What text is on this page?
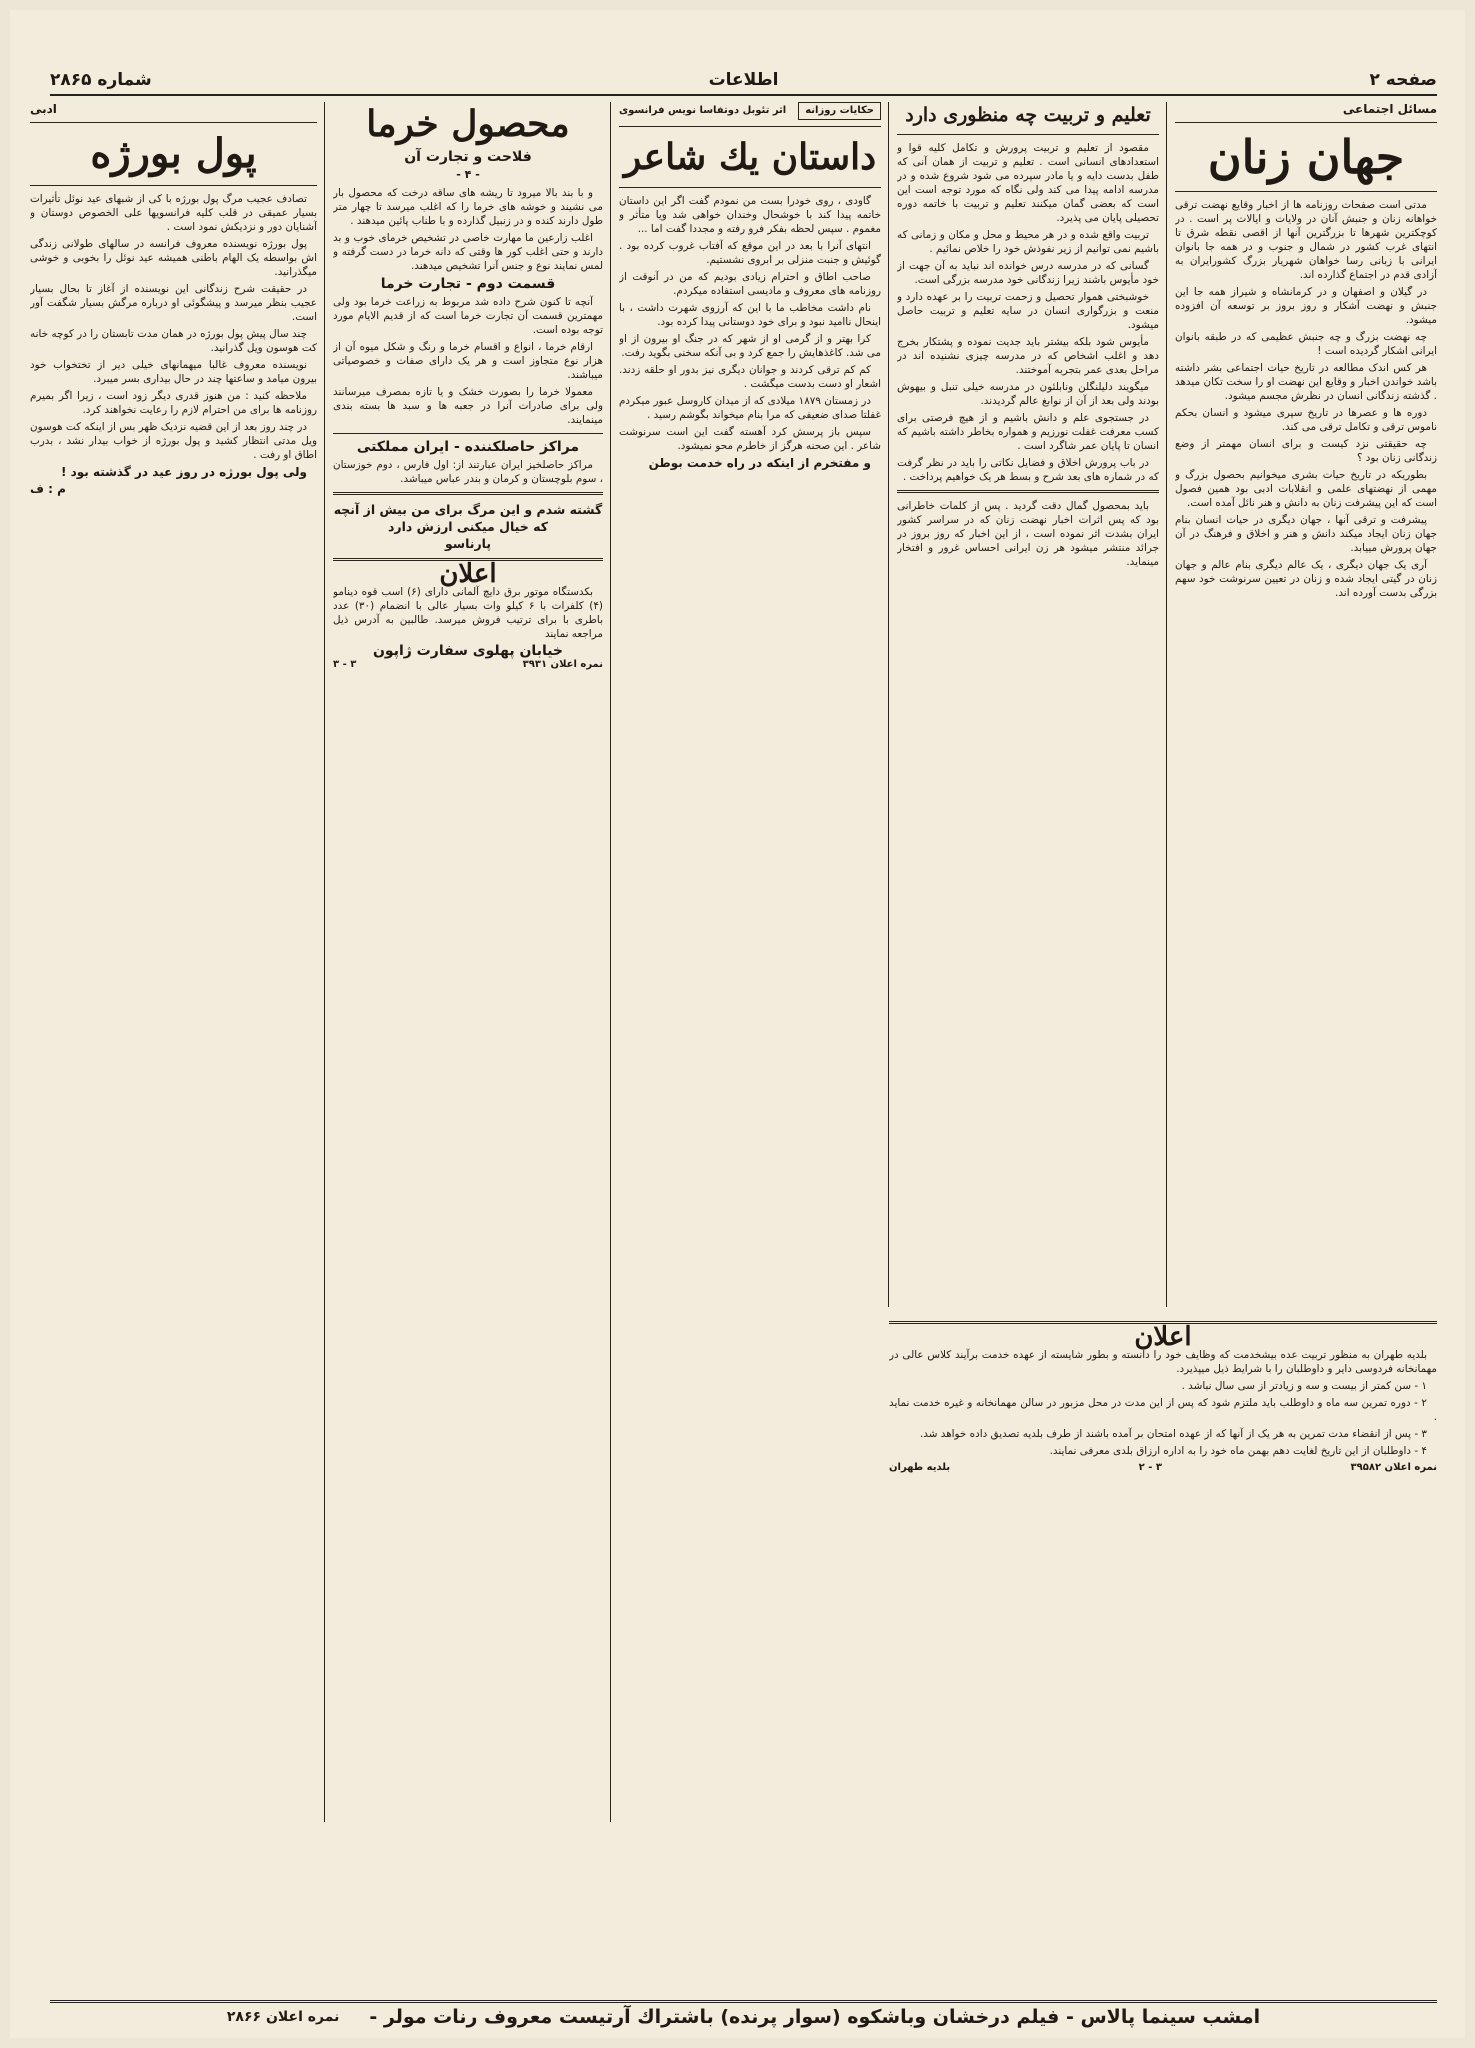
صفحه ۲
اطلاعات
شماره ۲۸۶۵
مسائل اجتماعی
جهان زنان

مدتی است صفحات روزنامه ها از اخبار وقایع نهضت ترقی خواهانه زنان و جنبش آنان در ولایات و ایالات پر است . در کوچکترین شهرها تا بزرگترین آنها از اقصی نقطه شرق تا انتهای غرب کشور در شمال و جنوب و در همه جا بانوان ایرانی با زبانی رسا خواهان شهریار بزرگ کشورایران به آزادی قدم در اجتماع گذارده اند.

در گیلان و اصفهان و در کرمانشاه و شیراز همه جا این جنبش و نهضت آشکار و روز بروز بر توسعه آن افزوده میشود.

چه نهضت بزرگ و چه جنبش عظیمی که در طبقه بانوان ایرانی اشکار گردیده است !

هر کس اندک مطالعه در تاریخ حیات اجتماعی بشر داشته باشد خواندن اخبار و وقایع این نهضت او را سخت تکان میدهد . گذشته زندگانی انسان در نظرش مجسم میشود.

دوره ها و عصرها در تاریخ سپری میشود و انسان بحکم ناموس ترقی و تکامل ترقی می کند.

چه حقیقتی نزد کیست و برای انسان مهمتر از وضع زندگانی زنان بود ؟

بطوریکه در تاریخ حیات بشری میخوانیم بحصول بزرگ و مهمی از نهضتهای علمی و انقلابات ادبی بود همین فصول است که این پیشرفت زنان به دانش و هنر نائل آمده است.

پیشرفت و ترقی آنها ، جهان دیگری در حیات انسان بنام جهان زنان ایجاد میکند دانش و هنر و اخلاق و فرهنگ در آن جهان پرورش مییابد.

آری یک جهان دیگری ، یک عالم دیگری بنام عالم و جهان زنان در گیتی ایجاد شده و زنان در تعیین سرنوشت خود سهم بزرگی بدست آورده اند.

تعلیم و تربیت چه منظوری دارد

مقصود از تعلیم و تربیت پرورش و تکامل کلیه قوا و استعدادهای انسانی است . تعلیم و تربیت از همان آنی که طفل بدست دایه و یا مادر سپرده می شود شروع شده و در مدرسه ادامه پیدا می کند ولی نگاه که مورد توجه است این است که بعضی گمان میکنند تعلیم و تربیت با خاتمه دوره تحصیلی پایان می پذیرد.

تربیت واقع شده و در هر محیط و محل و مکان و زمانی که باشیم نمی توانیم از زیر نفوذش خود را خلاص نمائیم .

گسانی که در مدرسه درس خوانده اند نباید به آن جهت از خود مأیوس باشند زیرا زندگانی خود مدرسه بزرگی است.

خوشبختی هموار تحصیل و زحمت تربیت را بر عهده دارد و منعت و بزرگواری انسان در سایه تعلیم و تربیت حاصل میشود.

مأیوس شود بلکه بیشتر باید جدیت نموده و پشتکار بخرج دهد و اغلب اشخاص که در مدرسه چیزی نشنیده اند در مراحل بعدی عمر بتجربه آموختند.

میگویند دلیلنگلن ونابلئون در مدرسه خیلی تنبل و بیهوش بودند ولی بعد از آن از نوابغ عالم گردیدند.

در جستجوی علم و دانش باشیم و از هیچ فرصتی برای کسب معرفت غفلت نورزیم و همواره بخاطر داشته باشیم که انسان تا پایان عمر شاگرد است .

در باب پرورش اخلاق و فضایل نکاتی را باید در نظر گرفت که در شماره های بعد شرح و بسط هر یک خواهیم پرداخت .

باید بمحصول گمال دقت گردید . پس از کلمات خاطرانی بود که پس اثرات اخبار نهضت زنان که در سراسر کشور ایران بشدت اثر نموده است ، از این اخبار که روز بروز در جرائد منتشر میشود هر زن ایرانی احساس غرور و افتخار مینماید.

حکایات روزانه
اثر تئوبل دوتفاسا نویس فرانسوی
داستان یك شاعر

گاودی ، روی خودرا بست من نمودم گفت اگر این داستان خاتمه پیدا کند با خوشحال وخندان خواهی شد ویا متأثر و مغموم . سپس لحظه بفکر فرو رفته و مجددا گفت اما ...

انتهای آنرا با بعد در این موقع که آفتاب غروب کرده بود . گوئیش و جنبت منزلی بر ابروی نشستیم.

صاحب اطاق و احترام زیادی بودیم که من در آنوقت از روزنامه های معروف و مادیسی استفاده میکردم.

نام داشت مخاطب ما با این که آرزوی شهرت داشت ، با اینحال ناامید نبود و برای خود دوستانی پیدا کرده بود.

کرا بهتر و از گرمی او از شهر که در جنگ او بیرون از او می شد. کاغذهایش را جمع کرد و بی آنکه سخنی بگوید رفت.

کم کم ترقی کردند و جوانان دیگری نیز بدور او حلقه زدند. اشعار او دست بدست میگشت .

در زمستان ۱۸۷۹ میلادی که از میدان کاروسل عبور میکردم غفلتا صدای ضعیفی که مرا بنام میخواند بگوشم رسید .

سپس باز پرسش کرد آهسته گفت این است سرنوشت شاعر . این صحنه هرگز از خاطرم محو نمیشود.

و مفتخرم از اینکه در راه خدمت بوطن

محصول خرما
فلاحت و تجارت آن
- ۴ -

و با بند بالا میرود تا ریشه های ساقه درخت که محصول بار می نشیند و خوشه های خرما را که اغلب میرسد تا چهار متر طول دارند کنده و در زنبیل گذارده و با طناب پائین میدهند .

اغلب زارعین ما مهارت خاصی در تشخیص خرمای خوب و بد دارند و حتی اغلب کور ها وقتی که دانه خرما در دست گرفته و لمس نمایند نوع و جنس آنرا تشخیص میدهند.

قسمت دوم - تجارت خرما

آنچه تا کنون شرح داده شد مربوط به زراعت خرما بود ولی مهمترین قسمت آن تجارت خرما است که از قدیم الایام مورد توجه بوده است.

ارقام خرما ، انواع و اقسام خرما و رنگ و شکل میوه آن از هزار نوع متجاوز است و هر یک دارای صفات و خصوصیاتی میباشند.

معمولا خرما را بصورت خشک و یا تازه بمصرف میرسانند ولی برای صادرات آنرا در جعبه ها و سبد ها بسته بندی مینمایند.

مراکز حاصلکننده - ایران مملکتی

مراکز حاصلخیز ایران عبارتند از: اول فارس ، دوم خوزستان ، سوم بلوچستان و کرمان و بندر عباس میباشد.

گشته شدم و این مرگ برای من بیش از آنچه که خیال میکنی ارزش دارد
پارناسو
اعلان

بکدستگاه موتور برق دایچ آلمانی دارای (۶) اسب قوه دینامو (۴) کلفرات با ۶ کیلو وات بسیار عالی با انضمام (۳۰) عدد باطری با برای ترتیب فروش میرسد. طالبین به آدرس ذیل مراجعه نمایند

خیابان پهلوی سفارت ژاپون
نمره اعلان ۳۹۳۱
۳ - ۳
ادبی
پول بورژه

تصادف عجیب مرگ پول بورژه با کی از شبهای عید نوئل تأثیرات بسیار عمیقی در قلب کلیه فرانسویها علی الخصوص دوستان و آشنایان دور و نزدیکش نمود است .

پول بورژه نویسنده معروف فرانسه در سالهای طولانی زندگی اش بواسطه یک الهام باطنی همیشه عید نوئل را بخوبی و خوشی میگذرانید.

در حقیقت شرح زندگانی این نویسنده از آغاز تا بحال بسیار عجیب بنظر میرسد و پیشگوئی او درباره مرگش بسیار شگفت آور است.

چند سال پیش پول بورژه در همان مدت تابستان را در کوچه خانه کت هوسون ویل گذرانید.

نویسنده معروف غالبا میهمانهای خیلی دیر از تختخواب خود بیرون میامد و ساعتها چند در حال بیداری بسر میبرد.

ملاحظه کنید : من هنوز قدری دیگر زود است ، زیرا اگر بمیرم روزنامه ها برای من احترام لازم را رعایت نخواهند کرد.

در چند روز بعد از این قضیه نزدیک ظهر بس از اینکه کت هوسون ویل مدتی انتظار کشید و پول بورژه از خواب بیدار نشد ، بدرب اطاق او رفت .

ولی پول بورژه در روز عید در گذشته بود !

م : ف

اعلان

بلدیه طهران به منظور تربیت عده بیشخدمت که وظایف خود را دانسته و بطور شایسته از عهده خدمت برآیند کلاس عالی در مهمانخانه فردوسی دایر و داوطلبان را با شرایط ذیل میپذیرد.

۱ - سن کمتر از بیست و سه و زیادتر از سی سال نباشد .

۲ - دوره تمرین سه ماه و داوطلب باید ملتزم شود که پس از این مدت در محل مزبور در سالن مهمانخانه و غیره خدمت نماید .

۳ - پس از انقضاء مدت تمرین به هر یک از آنها که از عهده امتحان بر آمده باشند از طرف بلدیه تصدیق داده خواهد شد.

۴ - داوطلبان از این تاریخ لغایت دهم بهمن ماه خود را به اداره ارزاق بلدی معرفی نمایند.

نمره اعلان ۳۹۵۸۲
۳ - ۲
بلدیه طهران
امشب سینما پالاس - فیلم درخشان وباشکوه (سوار پرنده) باشتراك آرتیست معروف رنات مولر -
نمره اعلان ۲۸۶۶
